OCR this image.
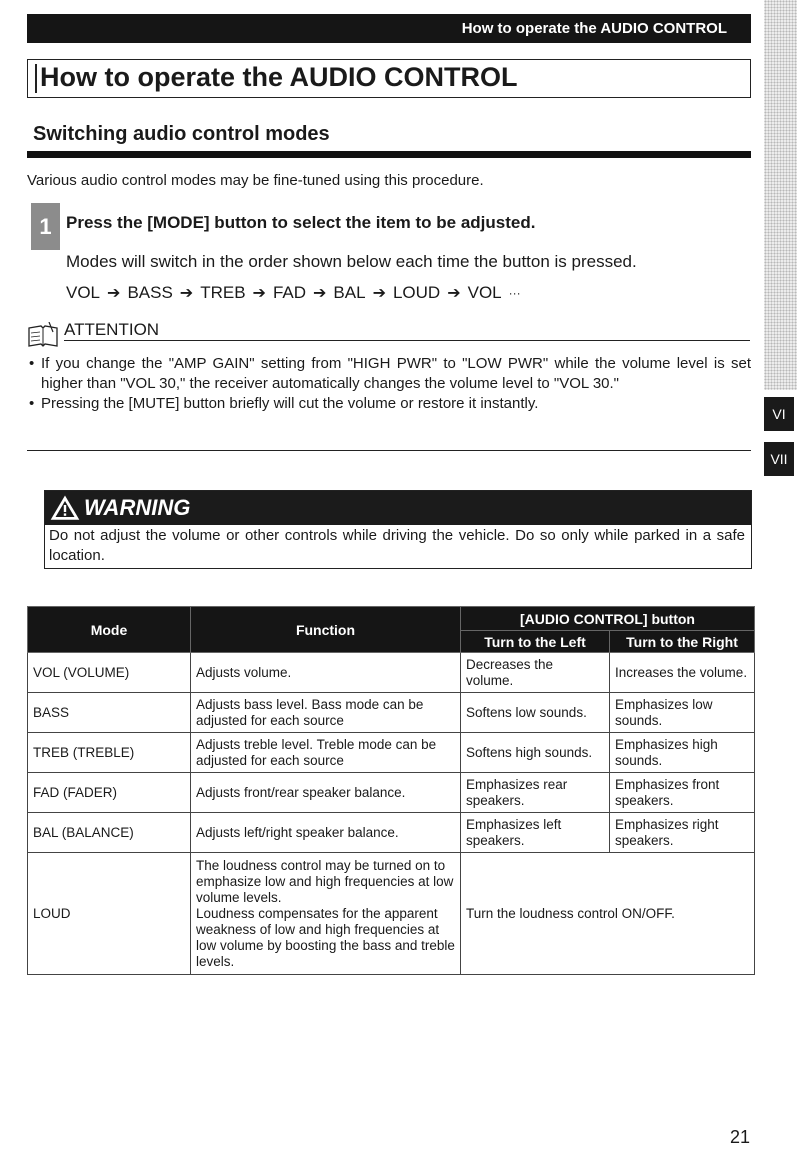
VI
VII
How to operate the AUDIO CONTROL
How to operate the AUDIO CONTROL
Switching audio control modes
Various audio control modes may be fine-tuned using this procedure.
1 Press the [MODE] button to select the item to be adjusted.
Modes will switch in the order shown below each time the button is pressed.
VOL ➔ BASS ➔ TREB ➔ FAD ➔ BAL ➔ LOUD ➔ VOL ···
ATTENTION
• If you change the "AMP GAIN" setting from "HIGH PWR" to "LOW PWR" while the volume level is set higher than "VOL 30," the receiver automatically changes the volume level to "VOL 30."
• Pressing the [MUTE] button briefly will cut the volume or restore it instantly.
WARNING
Do not adjust the volume or other controls while driving the vehicle. Do so only while parked in a safe location.
Mode	Function	[AUDIO CONTROL] button	
		Turn to the Left	Turn to the Right
VOL (VOLUME)	Adjusts volume.	Decreases the volume.	Increases the volume.
BASS	Adjusts bass level. Bass mode can be adjusted for each source	Softens low sounds.	Emphasizes low sounds.
TREB (TREBLE)	Adjusts treble level. Treble mode can be adjusted for each source	Softens high sounds.	Emphasizes high sounds.
FAD (FADER)	Adjusts front/rear speaker balance.	Emphasizes rear speakers.	Emphasizes front speakers.
BAL (BALANCE)	Adjusts left/right speaker balance.	Emphasizes left speakers.	Emphasizes right speakers.
LOUD	The loudness control may be turned on to emphasize low and high frequencies at low volume levels.
Loudness compensates for the apparent weakness of low and high frequencies at low volume by boosting the bass and treble levels.	Turn the loudness control ON/OFF.	
21
